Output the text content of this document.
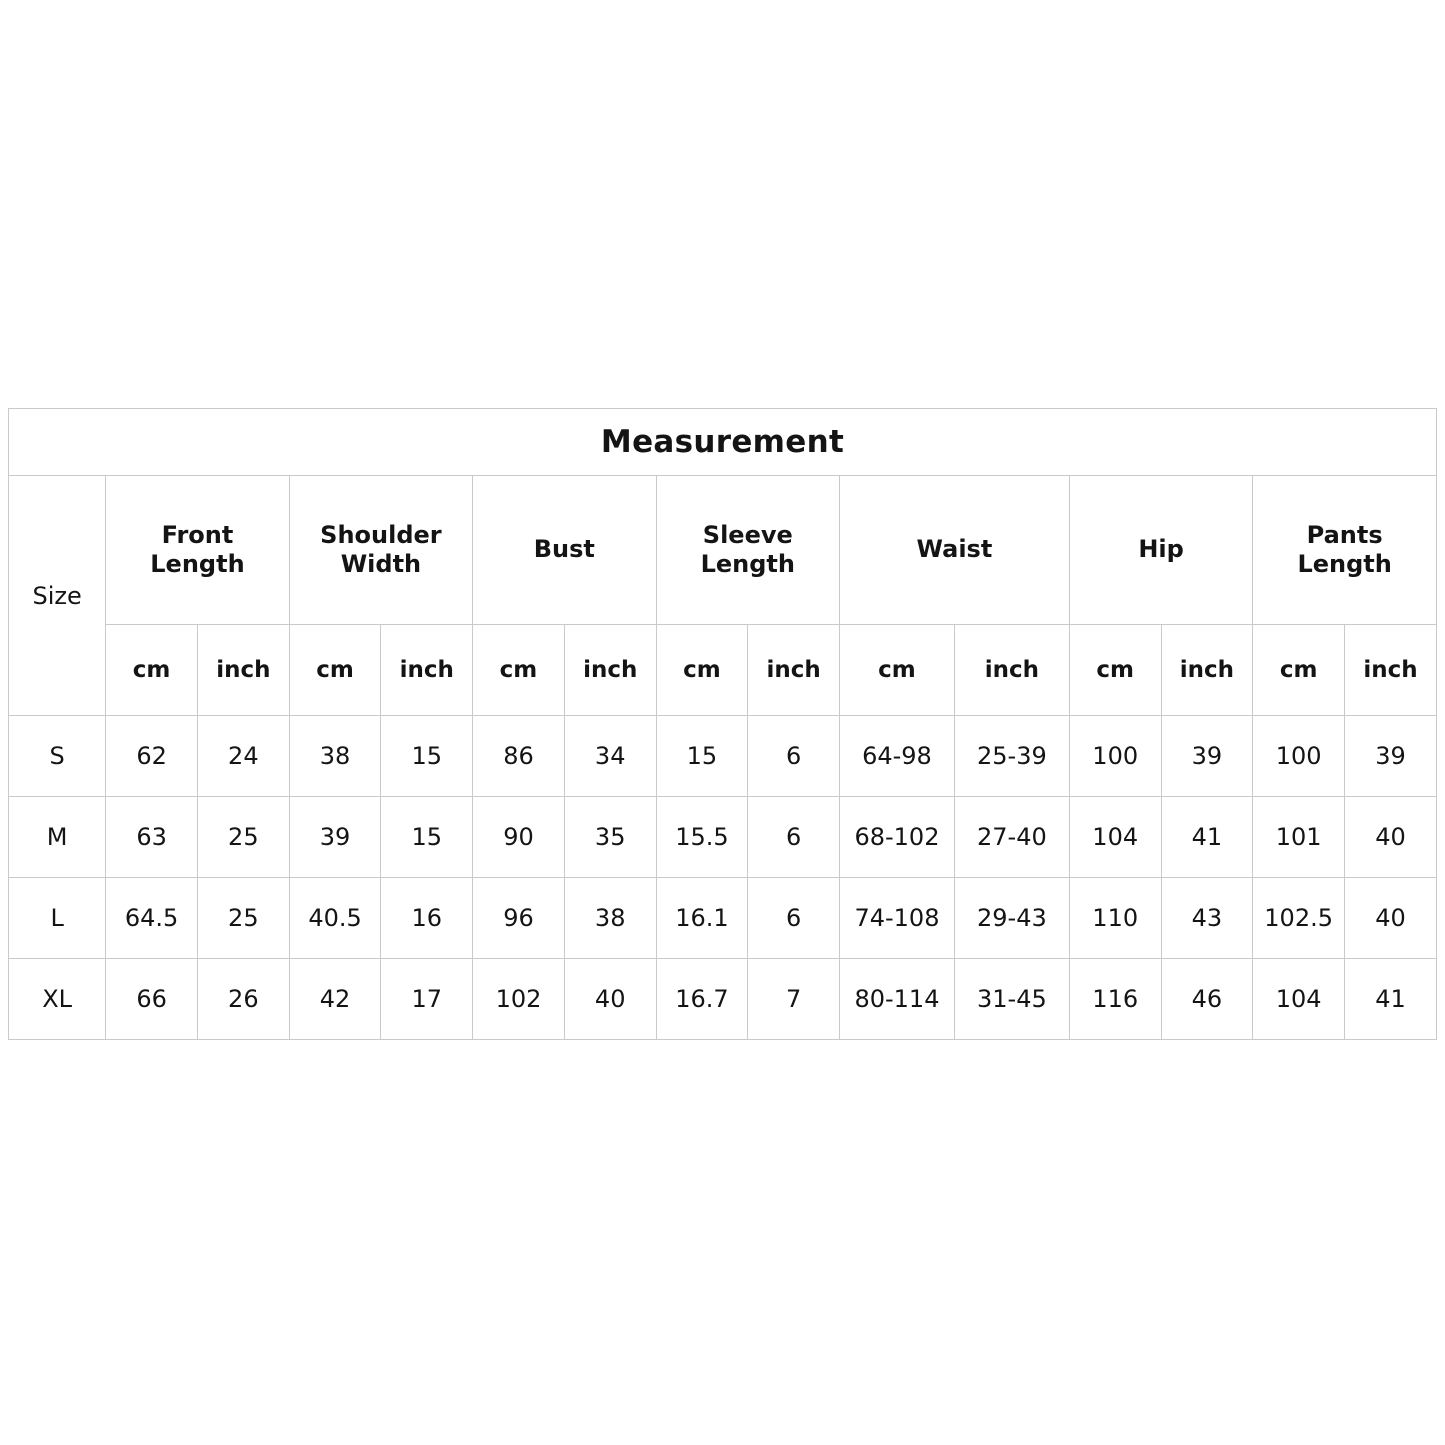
Measurement														
Size	Front Length		Shoulder Width		Bust		Sleeve Length		Waist		Hip		Pants Length	
	cm	inch	cm	inch	cm	inch	cm	inch	cm	inch	cm	inch	cm	inch
S	62	24	38	15	86	34	15	6	64-98	25-39	100	39	100	39
M	63	25	39	15	90	35	15.5	6	68-102	27-40	104	41	101	40
L	64.5	25	40.5	16	96	38	16.1	6	74-108	29-43	110	43	102.5	40
XL	66	26	42	17	102	40	16.7	7	80-114	31-45	116	46	104	41
